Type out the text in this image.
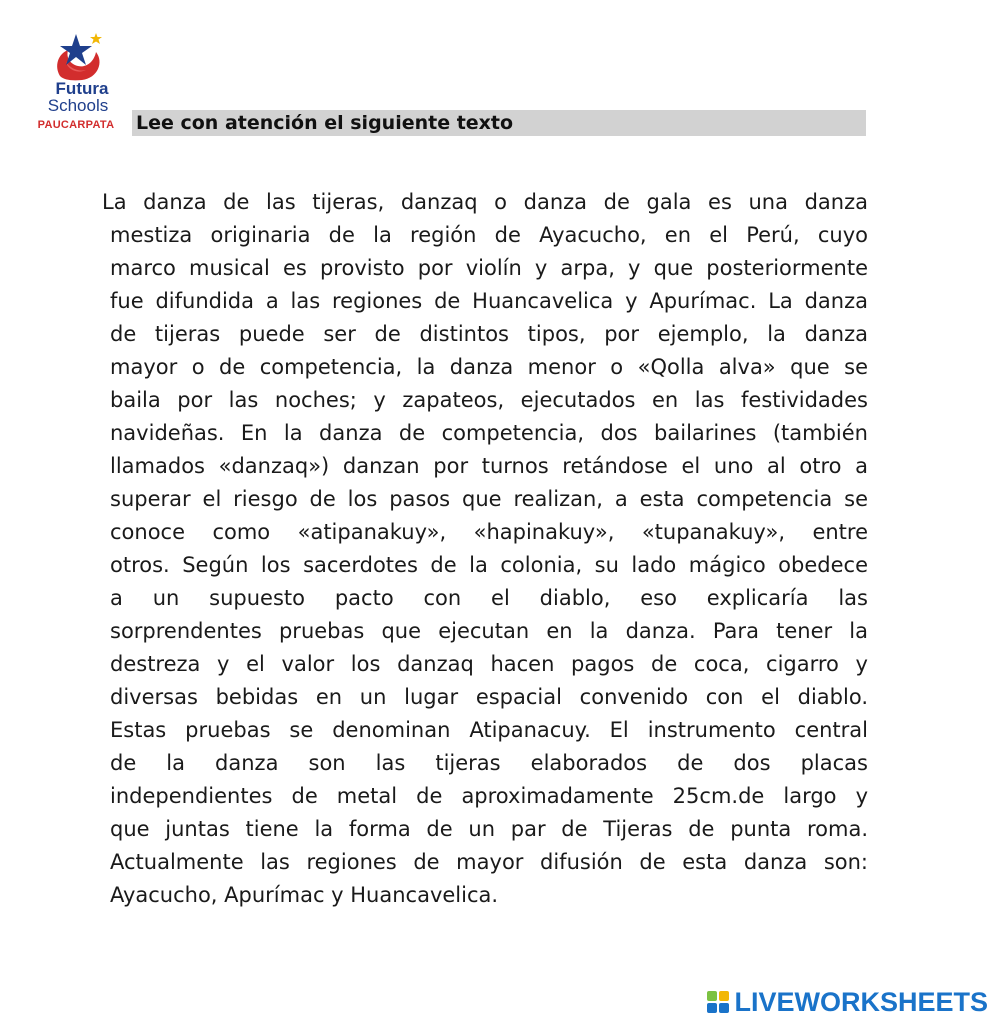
Futura
Schools
PAUCARPATA	Lee con atención el siguiente texto
La danza de las tijeras, danzaq o danza de gala es una danza
mestiza originaria de la región de Ayacucho, en el Perú, cuyo
marco musical es provisto por violín y arpa, y que posteriormente
fue difundida a las regiones de Huancavelica y Apurímac. La danza
de tijeras puede ser de distintos tipos, por ejemplo, la danza
mayor o de competencia, la danza menor o «Qolla alva» que se
baila por las noches; y zapateos, ejecutados en las festividades
navideñas. En la danza de competencia, dos bailarines (también
llamados «danzaq») danzan por turnos retándose el uno al otro a
superar el riesgo de los pasos que realizan, a esta competencia se
conoce como «atipanakuy», «hapinakuy», «tupanakuy», entre
otros. Según los sacerdotes de la colonia, su lado mágico obedece
a un supuesto pacto con el diablo, eso explicaría las
sorprendentes pruebas que ejecutan en la danza. Para tener la
destreza y el valor los danzaq hacen pagos de coca, cigarro y
diversas bebidas en un lugar espacial convenido con el diablo.
Estas pruebas se denominan Atipanacuy. El instrumento central
de la danza son las tijeras elaborados de dos placas
independientes de metal de aproximadamente 25cm.de largo y
que juntas tiene la forma de un par de Tijeras de punta roma.
Actualmente las regiones de mayor difusión de esta danza son:
Ayacucho, Apurímac y Huancavelica.
LIVEWORKSHEETS
